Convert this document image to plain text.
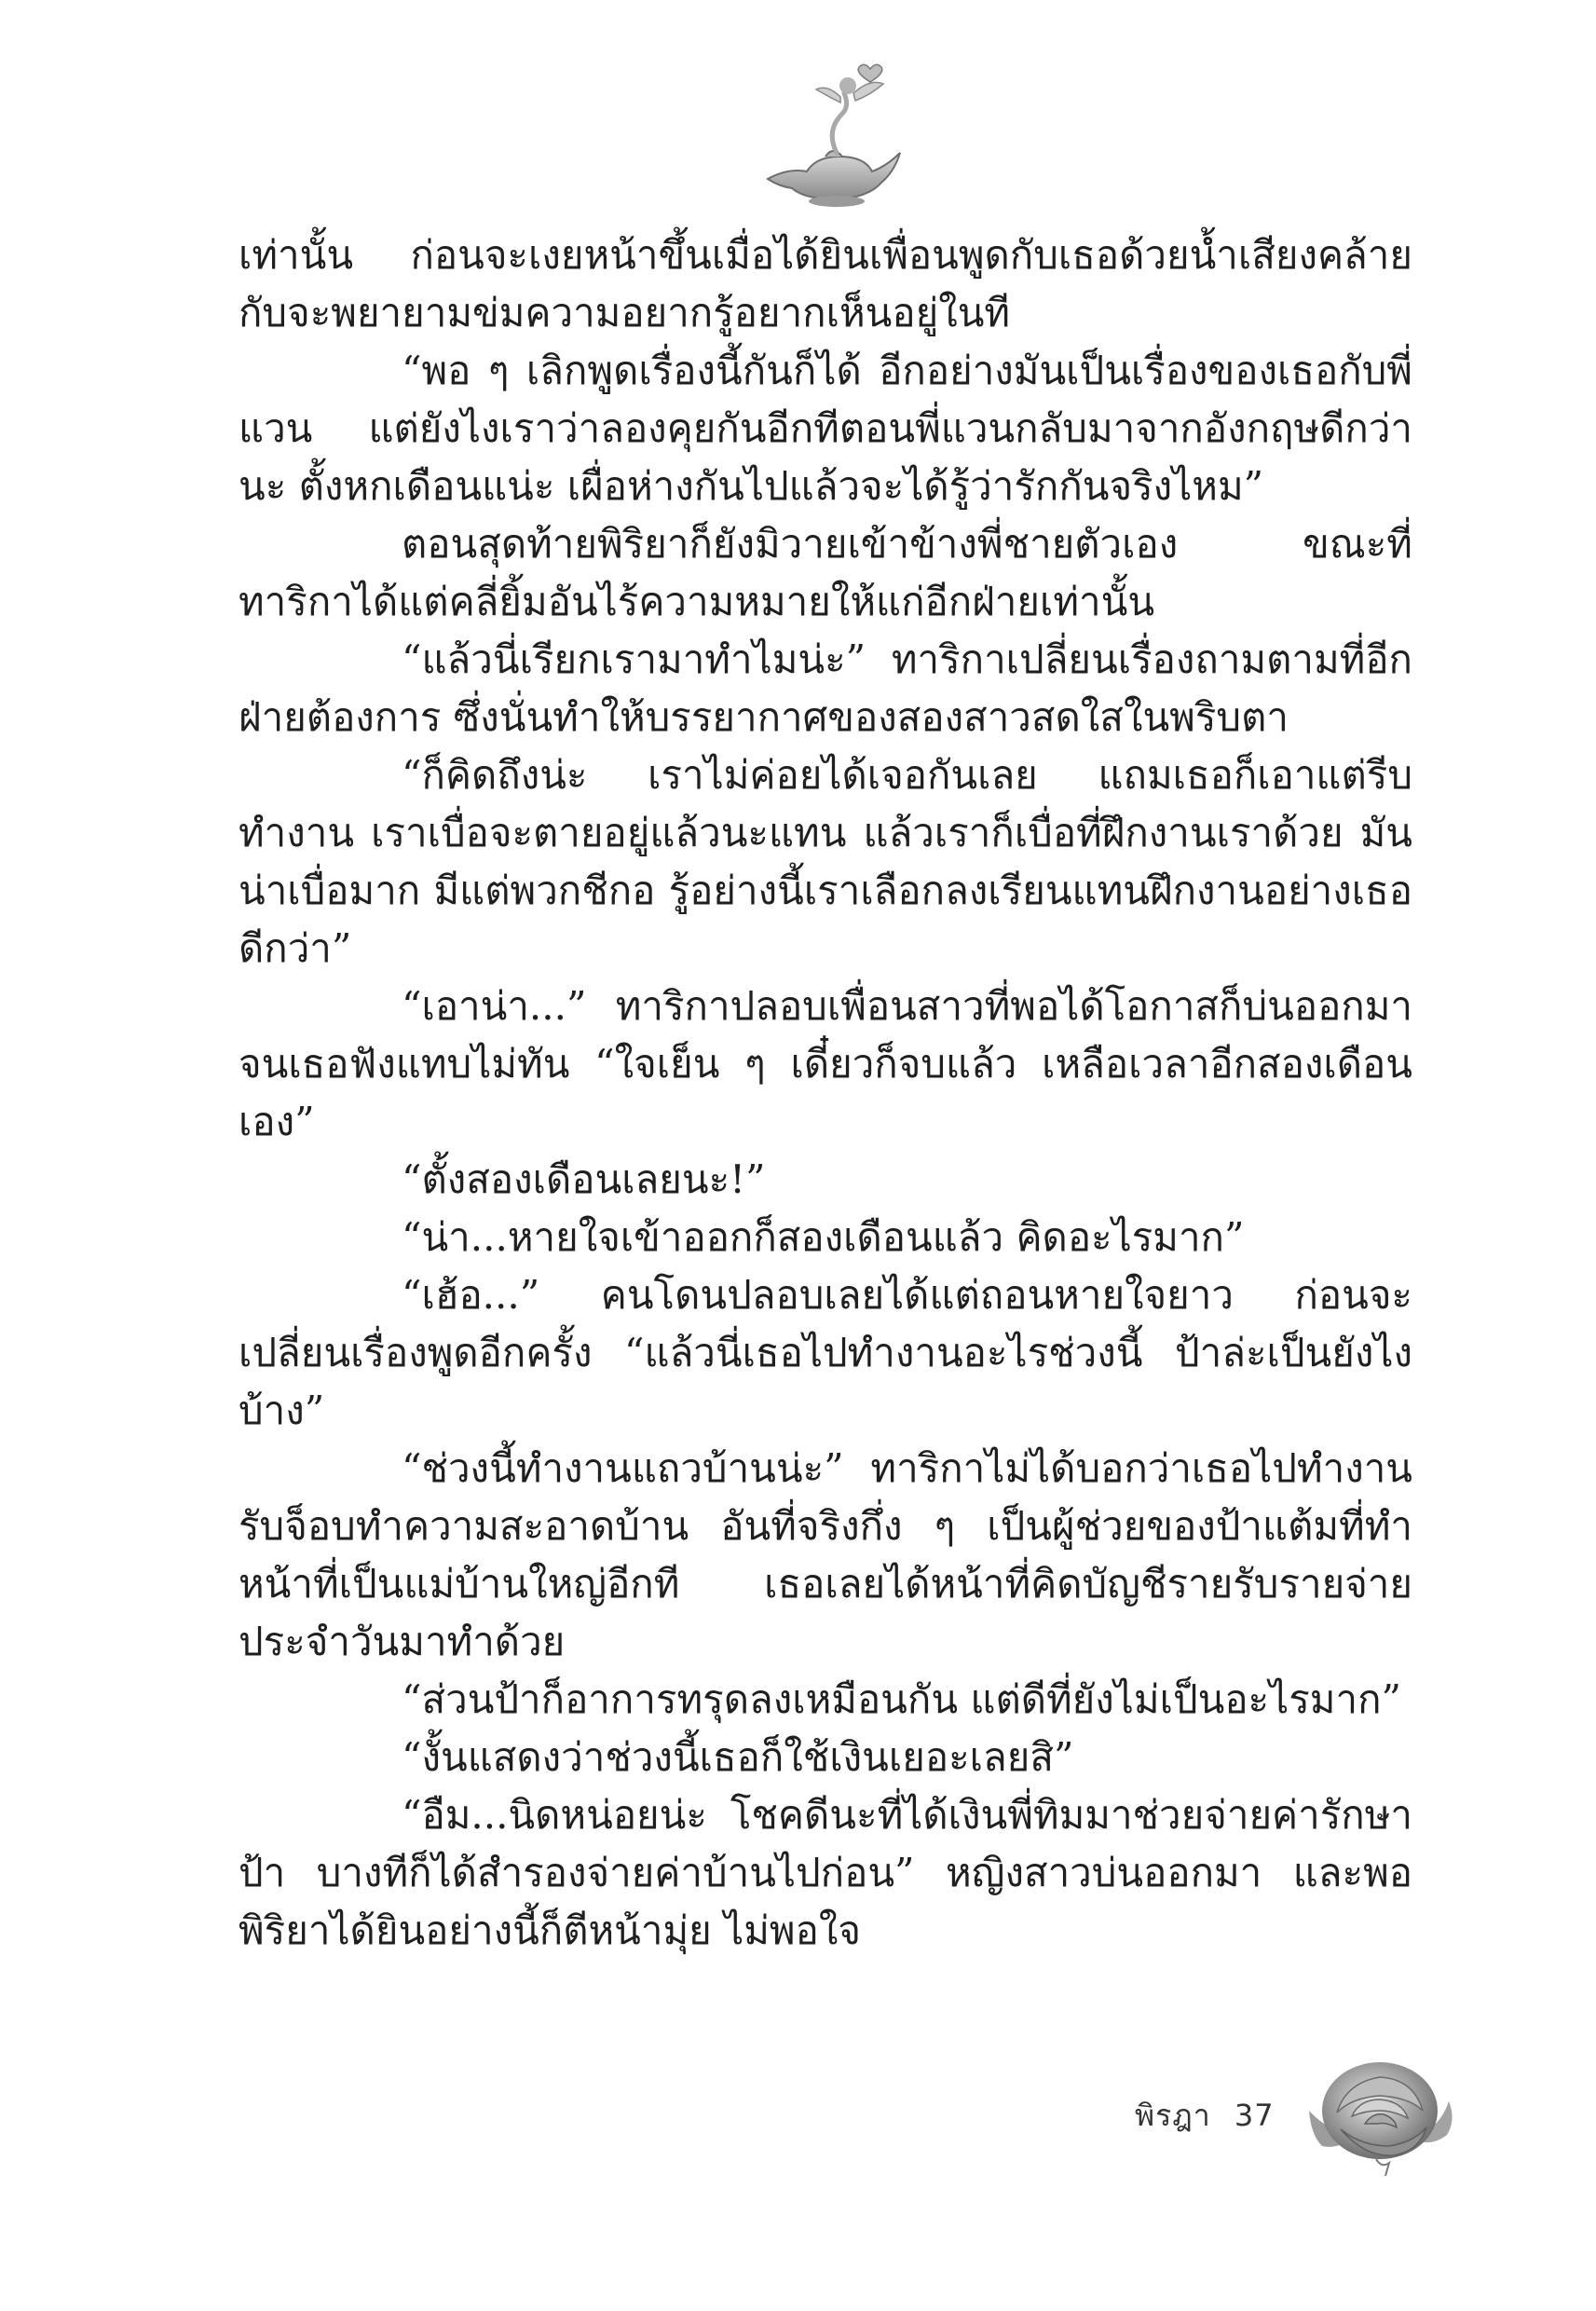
เท่านั้น ก่อนจะเงยหน้าขึ้นเมื่อได้ยินเพื่อนพูดกับเธอด้วยน้ำเสียงคล้ายกับจะพยายามข่มความอยากรู้อยากเห็นอยู่ในที

“พอ ๆ เลิกพูดเรื่องนี้กันก็ได้ อีกอย่างมันเป็นเรื่องของเธอกับพี่แวน แต่ยังไงเราว่าลองคุยกันอีกทีตอนพี่แวนกลับมาจากอังกฤษดีกว่านะ ตั้งหกเดือนแน่ะ เผื่อห่างกันไปแล้วจะได้รู้ว่ารักกันจริงไหม”

ตอนสุดท้ายพิริยาก็ยังมิวายเข้าข้างพี่ชายตัวเอง ขณะที่ทาริกาได้แต่คลี่ยิ้มอันไร้ความหมายให้แก่อีกฝ่ายเท่านั้น

“แล้วนี่เรียกเรามาทำไมน่ะ” ทาริกาเปลี่ยนเรื่องถามตามที่อีกฝ่ายต้องการ ซึ่งนั่นทำให้บรรยากาศของสองสาวสดใสในพริบตา

“ก็คิดถึงน่ะ เราไม่ค่อยได้เจอกันเลย แถมเธอก็เอาแต่รีบทำงาน เราเบื่อจะตายอยู่แล้วนะแทน แล้วเราก็เบื่อที่ฝึกงานเราด้วย มันน่าเบื่อมาก มีแต่พวกชีกอ รู้อย่างนี้เราเลือกลงเรียนแทนฝึกงานอย่างเธอดีกว่า”

“เอาน่า...” ทาริกาปลอบเพื่อนสาวที่พอได้โอกาสก็บ่นออกมาจนเธอฟังแทบไม่ทัน “ใจเย็น ๆ เดี๋ยวก็จบแล้ว เหลือเวลาอีกสองเดือนเอง”

“ตั้งสองเดือนเลยนะ!”

“น่า...หายใจเข้าออกก็สองเดือนแล้ว คิดอะไรมาก”

“เฮ้อ...” คนโดนปลอบเลยได้แต่ถอนหายใจยาว ก่อนจะเปลี่ยนเรื่องพูดอีกครั้ง “แล้วนี่เธอไปทำงานอะไรช่วงนี้ ป้าล่ะเป็นยังไงบ้าง”

“ช่วงนี้ทำงานแถวบ้านน่ะ” ทาริกาไม่ได้บอกว่าเธอไปทำงานรับจ็อบทำความสะอาดบ้าน อันที่จริงกึ่ง ๆ เป็นผู้ช่วยของป้าแต้มที่ทำหน้าที่เป็นแม่บ้านใหญ่อีกที เธอเลยได้หน้าที่คิดบัญชีรายรับรายจ่ายประจำวันมาทำด้วย

“ส่วนป้าก็อาการทรุดลงเหมือนกัน แต่ดีที่ยังไม่เป็นอะไรมาก”

“งั้นแสดงว่าช่วงนี้เธอก็ใช้เงินเยอะเลยสิ”

“อืม...นิดหน่อยน่ะ โชคดีนะที่ได้เงินพี่ทิมมาช่วยจ่ายค่ารักษาป้า บางทีก็ได้สำรองจ่ายค่าบ้านไปก่อน” หญิงสาวบ่นออกมา และพอพิริยาได้ยินอย่างนี้ก็ตีหน้ามุ่ย ไม่พอใจ

พิรฎา 37
